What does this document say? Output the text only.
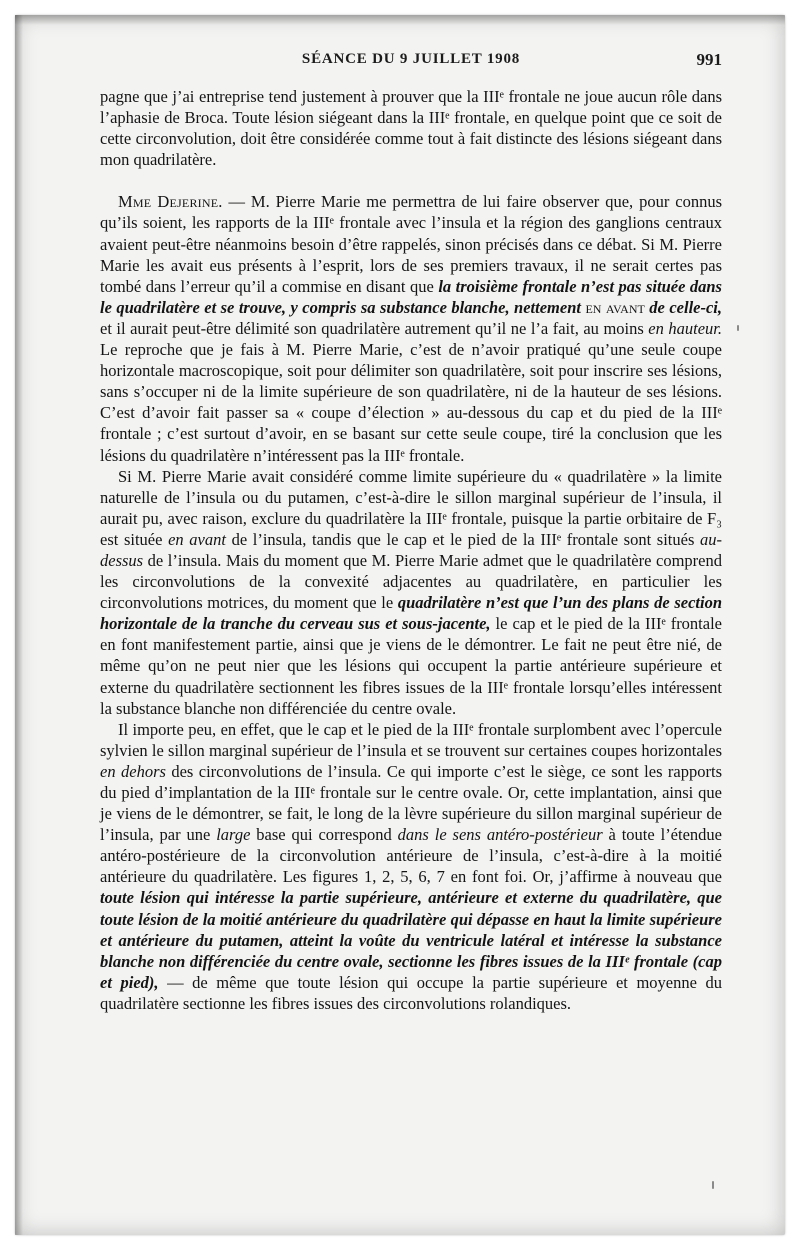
SÉANCE DU 9 JUILLET 1908	991

pagne que j’ai entreprise tend justement à prouver que la IIIᵉ frontale ne joue aucun rôle dans l’aphasie de Broca. Toute lésion siégeant dans la IIIᵉ frontale, en quelque point que ce soit de cette circonvolution, doit être considérée comme tout à fait distincte des lésions siégeant dans mon quadrilatère.

Mme Dejerine. — M. Pierre Marie me permettra de lui faire observer que, pour connus qu’ils soient, les rapports de la IIIᵉ frontale avec l’insula et la région des ganglions centraux avaient peut-être néanmoins besoin d’être rappelés, sinon précisés dans ce débat. Si M. Pierre Marie les avait eus présents à l’esprit, lors de ses premiers travaux, il ne serait certes pas tombé dans l’erreur qu’il a commise en disant que la troisième frontale n’est pas située dans le quadrilatère et se trouve, y compris sa substance blanche, nettement en avant de celle-ci, et il aurait peut-être délimité son quadrilatère autrement qu’il ne l’a fait, au moins en hauteur. Le reproche que je fais à M. Pierre Marie, c’est de n’avoir pratiqué qu’une seule coupe horizontale macroscopique, soit pour délimiter son quadrilatère, soit pour inscrire ses lésions, sans s’occuper ni de la limite supérieure de son quadrilatère, ni de la hauteur de ses lésions. C’est d’avoir fait passer sa « coupe d’élection » au-dessous du cap et du pied de la IIIᵉ frontale ; c’est surtout d’avoir, en se basant sur cette seule coupe, tiré la conclusion que les lésions du quadrilatère n’intéressent pas la IIIᵉ frontale.

Si M. Pierre Marie avait considéré comme limite supérieure du « quadrilatère » la limite naturelle de l’insula ou du putamen, c’est-à-dire le sillon marginal supérieur de l’insula, il aurait pu, avec raison, exclure du quadrilatère la IIIᵉ frontale, puisque la partie orbitaire de F₃ est située en avant de l’insula, tandis que le cap et le pied de la IIIᵉ frontale sont situés au-dessus de l’insula. Mais du moment que M. Pierre Marie admet que le quadrilatère comprend les circonvolutions de la convexité adjacentes au quadrilatère, en particulier les circonvolutions motrices, du moment que le quadrilatère n’est que l’un des plans de section horizontale de la tranche du cerveau sus et sous-jacente, le cap et le pied de la IIIᵉ frontale en font manifestement partie, ainsi que je viens de le démontrer. Le fait ne peut être nié, de même qu’on ne peut nier que les lésions qui occupent la partie antérieure supérieure et externe du quadrilatère sectionnent les fibres issues de la IIIᵉ frontale lorsqu’elles intéressent la substance blanche non différenciée du centre ovale.

Il importe peu, en effet, que le cap et le pied de la IIIᵉ frontale surplombent avec l’opercule sylvien le sillon marginal supérieur de l’insula et se trouvent sur certaines coupes horizontales en dehors des circonvolutions de l’insula. Ce qui importe c’est le siège, ce sont les rapports du pied d’implantation de la IIIᵉ frontale sur le centre ovale. Or, cette implantation, ainsi que je viens de le démontrer, se fait, le long de la lèvre supérieure du sillon marginal supérieur de l’insula, par une large base qui correspond dans le sens antéro-postérieur à toute l’étendue antéro-postérieure de la circonvolution antérieure de l’insula, c’est-à-dire à la moitié antérieure du quadrilatère. Les figures 1, 2, 5, 6, 7 en font foi. Or, j’affirme à nouveau que toute lésion qui intéresse la partie supérieure, antérieure et externe du quadrilatère, que toute lésion de la moitié antérieure du quadrilatère qui dépasse en haut la limite supérieure et antérieure du putamen, atteint la voûte du ventricule latéral et intéresse la substance blanche non différenciée du centre ovale, sectionne les fibres issues de la IIIᵉ frontale (cap et pied), — de même que toute lésion qui occupe la partie supérieure et moyenne du quadrilatère sectionne les fibres issues des circonvolutions rolandiques.
